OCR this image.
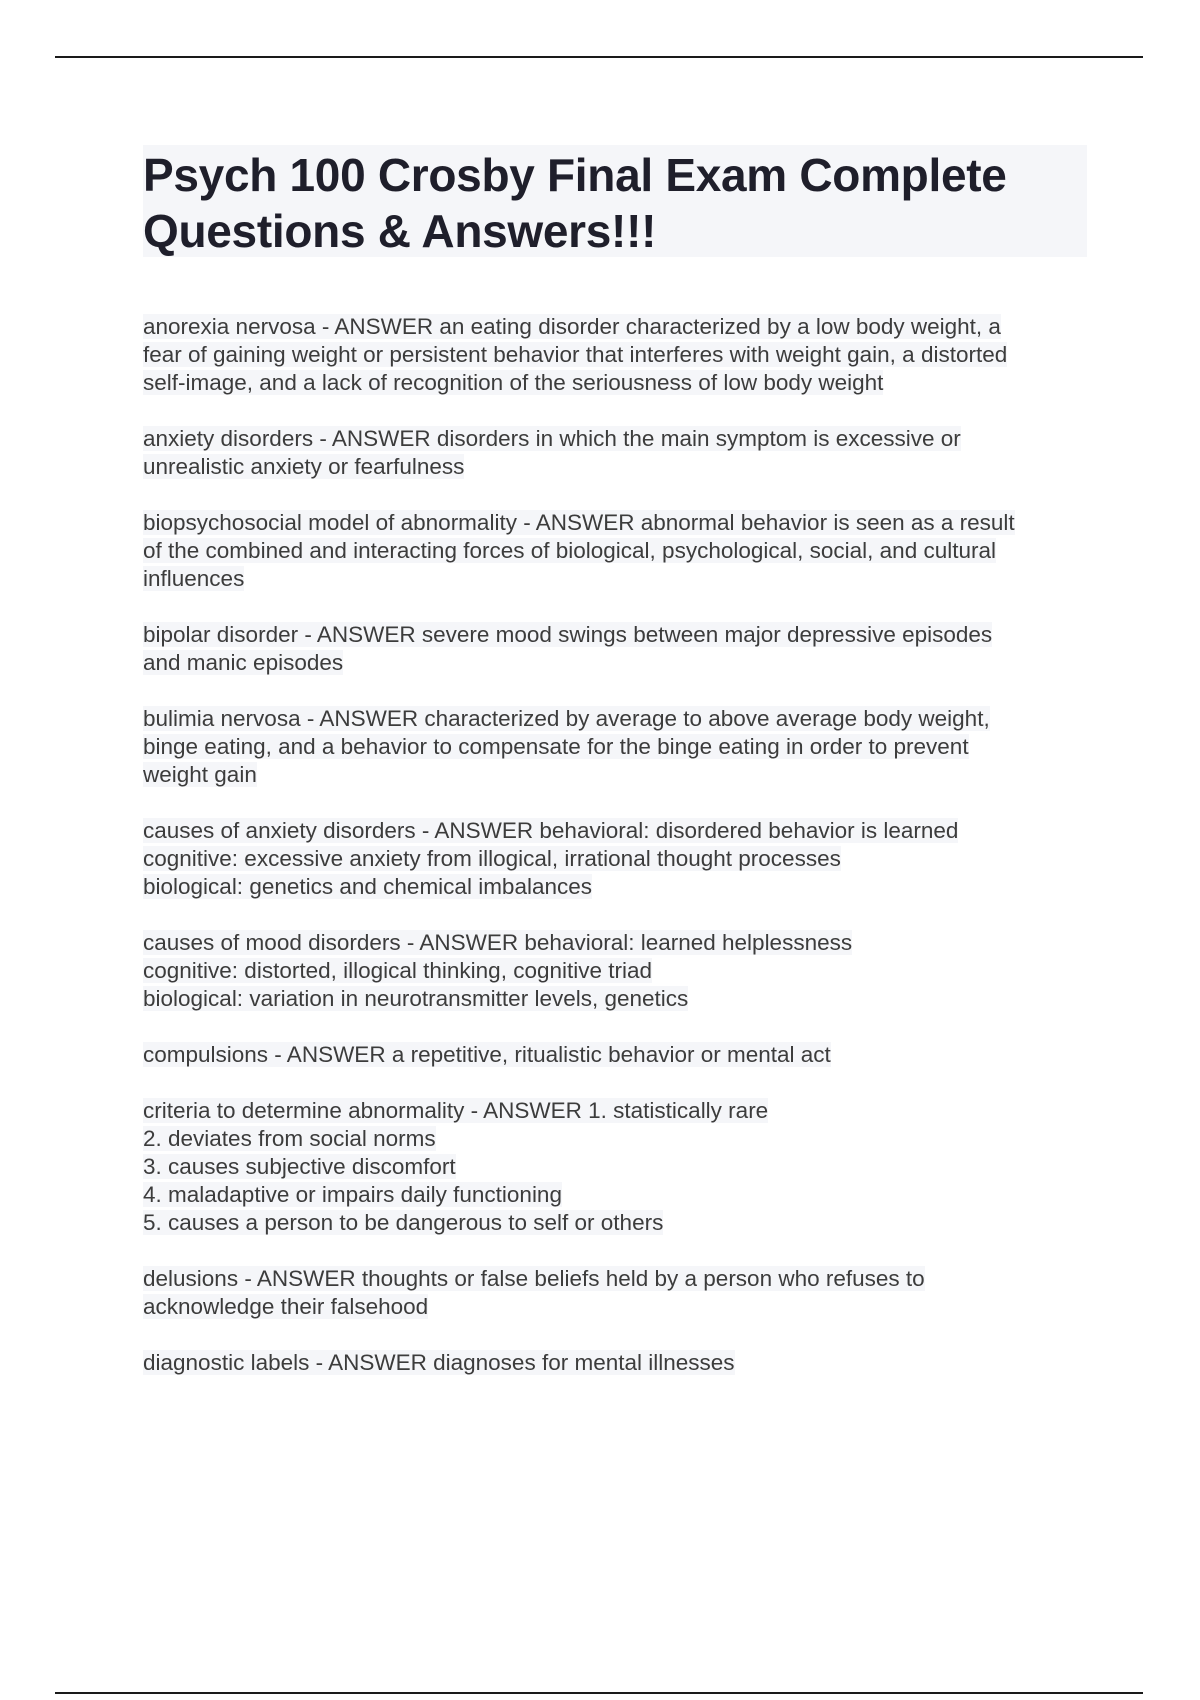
Psych 100 Crosby Final Exam Complete
Questions & Answers!!!

anorexia nervosa - ANSWER an eating disorder characterized by a low body weight, a
fear of gaining weight or persistent behavior that interferes with weight gain, a distorted
self-image, and a lack of recognition of the seriousness of low body weight

anxiety disorders - ANSWER disorders in which the main symptom is excessive or
unrealistic anxiety or fearfulness

biopsychosocial model of abnormality - ANSWER abnormal behavior is seen as a result
of the combined and interacting forces of biological, psychological, social, and cultural
influences

bipolar disorder - ANSWER severe mood swings between major depressive episodes
and manic episodes

bulimia nervosa - ANSWER characterized by average to above average body weight,
binge eating, and a behavior to compensate for the binge eating in order to prevent
weight gain

causes of anxiety disorders - ANSWER behavioral: disordered behavior is learned
cognitive: excessive anxiety from illogical, irrational thought processes
biological: genetics and chemical imbalances

causes of mood disorders - ANSWER behavioral: learned helplessness
cognitive: distorted, illogical thinking, cognitive triad
biological: variation in neurotransmitter levels, genetics

compulsions - ANSWER a repetitive, ritualistic behavior or mental act

criteria to determine abnormality - ANSWER 1. statistically rare
2. deviates from social norms
3. causes subjective discomfort
4. maladaptive or impairs daily functioning
5. causes a person to be dangerous to self or others

delusions - ANSWER thoughts or false beliefs held by a person who refuses to
acknowledge their falsehood

diagnostic labels - ANSWER diagnoses for mental illnesses
